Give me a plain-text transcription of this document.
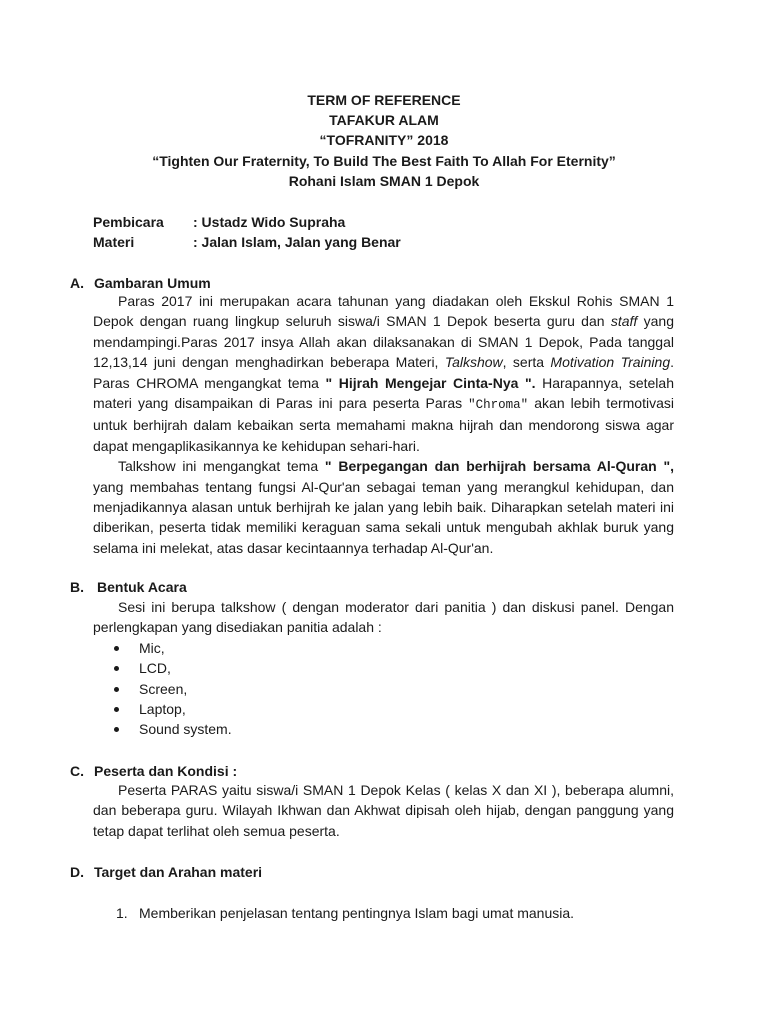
TERM OF REFERENCE
TAFAKUR ALAM
“TOFRANITY” 2018
“Tighten Our Fraternity, To Build The Best Faith To Allah For Eternity”
Rohani Islam SMAN 1 Depok
Pembicara : Ustadz Wido Supraha
Materi	: Jalan Islam, Jalan yang Benar
A. Gambaran Umum

Paras 2017 ini merupakan acara tahunan yang diadakan oleh Ekskul Rohis SMAN 1 Depok dengan ruang lingkup seluruh siswa/i SMAN 1 Depok beserta guru dan staff yang mendampingi.Paras 2017 insya Allah akan dilaksanakan di SMAN 1 Depok, Pada tanggal 12,13,14 juni dengan menghadirkan beberapa Materi, Talkshow, serta Motivation Training. Paras CHROMA mengangkat tema " Hijrah Mengejar Cinta-Nya ". Harapannya, setelah materi yang disampaikan di Paras ini para peserta Paras "Chroma" akan lebih termotivasi untuk berhijrah dalam kebaikan serta memahami makna hijrah dan mendorong siswa agar dapat mengaplikasikannya ke kehidupan sehari-hari.

Talkshow ini mengangkat tema " Berpegangan dan berhijrah bersama Al-Quran ", yang membahas tentang fungsi Al-Qur'an sebagai teman yang merangkul kehidupan, dan menjadikannya alasan untuk berhijrah ke jalan yang lebih baik. Diharapkan setelah materi ini diberikan, peserta tidak memiliki keraguan sama sekali untuk mengubah akhlak buruk yang selama ini melekat, atas dasar kecintaannya terhadap Al-Qur'an.

B. Bentuk Acara

Sesi ini berupa talkshow ( dengan moderator dari panitia ) dan diskusi panel. Dengan perlengkapan yang disediakan panitia adalah :

Mic,
LCD,
Screen,
Laptop,
Sound system.
C. Peserta dan Kondisi :

Peserta PARAS yaitu siswa/i SMAN 1 Depok Kelas ( kelas X dan XI ), beberapa alumni, dan beberapa guru. Wilayah Ikhwan dan Akhwat dipisah oleh hijab, dengan panggung yang tetap dapat terlihat oleh semua peserta.

D. Target dan Arahan materi
1. Memberikan penjelasan tentang pentingnya Islam bagi umat manusia.
